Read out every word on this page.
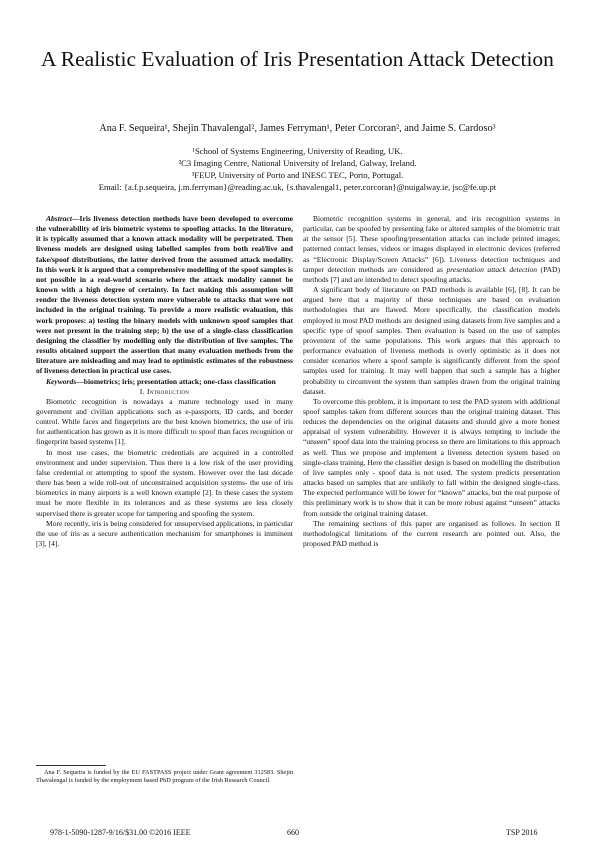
A Realistic Evaluation of Iris Presentation Attack Detection
Ana F. Sequeira¹, Shejin Thavalengal², James Ferryman¹, Peter Corcoran², and Jaime S. Cardoso³
¹School of Systems Engineering, University of Reading, UK.
²C3 Imaging Centre, National University of Ireland, Galway, Ireland.
³FEUP, University of Porto and INESC TEC, Porto, Portugal.
Email: {a.f.p.sequeira, j.m.ferryman}@reading.ac.uk, {s.thavalengal1, peter.corcoran}@nuigalway.ie, jsc@fe.up.pt

Abstract—Iris liveness detection methods have been developed to overcome the vulnerability of iris biometric systems to spoofing attacks. In the literature, it is typically assumed that a known attack modality will be perpetrated. Then liveness models are designed using labelled samples from both real/live and fake/spoof distributions, the latter derived from the assumed attack modality. In this work it is argued that a comprehensive modelling of the spoof samples is not possible in a real-world scenario where the attack modality cannot be known with a high degree of certainty. In fact making this assumption will render the liveness detection system more vulnerable to attacks that were not included in the original training. To provide a more realistic evaluation, this work proposes: a) testing the binary models with unknown spoof samples that were not present in the training step; b) the use of a single-class classification designing the classifier by modelling only the distribution of live samples. The results obtained support the assertion that many evaluation methods from the literature are misleading and may lead to optimistic estimates of the robustness of liveness detection in practical use cases.

Keywords—biometrics; iris; presentation attack; one-class classification

I. Introduction

Biometric recognition is nowadays a mature technology used in many government and civilian applications such as e-passports, ID cards, and border control. While faces and fingerprints are the best known biometrics, the use of iris for authentication has grown as it is more difficult to spoof than faces recognition or fingerprint based systems [1].

In most use cases, the biometric credentials are acquired in a controlled environment and under supervision. Thus there is a low risk of the user providing false credential or attempting to spoof the system. However over the last decade there has been a wide roll-out of unconstrained acquisition systems- the use of iris biometrics in many airports is a well known example [2]. In these cases the system must be more flexible in its tolerances and as these systems are less closely supervised there is greater scope for tampering and spoofing the system.

More recently, iris is being considered for unsupervised applications, in particular the use of iris as a secure authentication mechanism for smartphones is imminent [3], [4].

Biometric recognition systems in general, and iris recognition systems in particular, can be spoofed by presenting fake or altered samples of the biometric trait at the sensor [5]. These spoofing/presentation attacks can include printed images, patterned contact lenses, videos or images displayed in electronic devices (referred as “Electronic Display/Screen Attacks” [6]). Liveness detection techniques and tamper detection methods are considered as presentation attack detection (PAD) methods [7] and are intended to detect spoofing attacks.

A significant body of literature on PAD methods is available [6], [8]. It can be argued here that a majority of these techniques are based on evaluation methodologies that are flawed. More specifically, the classification models employed in most PAD methods are designed using datasets from live samples and a specific type of spoof samples. Then evaluation is based on the use of samples provenient of the same populations. This work argues that this approach to performance evaluation of liveness methods is overly optimistic as it does not consider scenarios where a spoof sample is significantly different from the spoof samples used for training. It may well happen that such a sample has a higher probability to circumvent the system than samples drawn from the original training dataset.

To overcome this problem, it is important to test the PAD system with additional spoof samples taken from different sources than the original training dataset. This reduces the dependencies on the original datasets and should give a more honest appraisal of system vulnerability. However it is always tempting to include the “unseen” spoof data into the training process so there are limitations to this approach as well. Thus we propose and implement a liveness detection system based on single-class training. Here the classifier design is based on modelling the distribution of live samples only - spoof data is not used. The system predicts presentation attacks based on samples that are unlikely to fall within the designed single-class. The expected performance will be lower for “known” attacks, but the real purpose of this preliminary work is to show that it can be more robust against “unseen” attacks from outside the original training dataset.

The remaining sections of this paper are organised as follows. In section II methodological limitations of the current research are pointed out. Also, the proposed PAD method is

Ana F. Sequeira is funded by the EU FASTPASS project under Grant agreement 312583. Shejin Thavalengal is funded by the employment based PhD program of the Irish Research Council.
978-1-5090-1287-9/16/$31.00 ©2016 IEEE	660	TSP 2016
